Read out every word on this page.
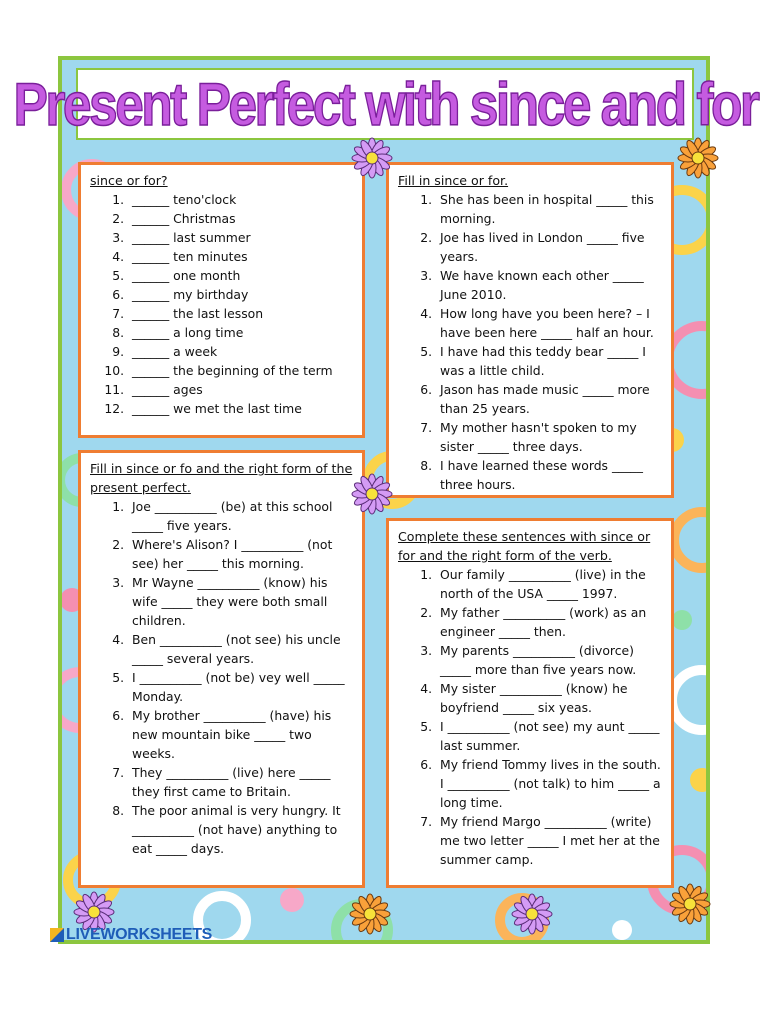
Present Perfect with since and for
since or for?
1. ______ teno'clock
2. ______ Christmas
3. ______ last summer
4. ______ ten minutes
5. ______ one month
6. ______ my birthday
7. ______ the last lesson
8. ______ a long time
9. ______ a week
10. ______ the beginning of the term
11. ______ ages
12. ______ we met the last time
Fill in since or for.
1. She has been in hospital _____ this morning.
2. Joe has lived in London _____ five years.
3. We have known each other _____ June 2010.
4. How long have you been here? – I have been here _____ half an hour.
5. I have had this teddy bear _____ I was a little child.
6. Jason has made music _____ more than 25 years.
7. My mother hasn't spoken to my sister _____ three days.
8. I have learned these words _____ three hours.
Fill in since or fo and the right form of the present perfect.
1. Joe __________ (be) at this school _____ five years.
2. Where's Alison? I __________ (not see) her _____ this morning.
3. Mr Wayne __________ (know) his wife _____ they were both small children.
4. Ben __________ (not see) his uncle _____ several years.
5. I __________ (not be) vey well _____ Monday.
6. My brother __________ (have) his new mountain bike _____ two weeks.
7. They __________ (live) here _____ they first came to Britain.
8. The poor animal is very hungry. It __________ (not have) anything to eat _____ days.
Complete these sentences with since or for and the right form of the verb.
1. Our family __________ (live) in the north of the USA _____ 1997.
2. My father __________ (work) as an engineer _____ then.
3. My parents __________ (divorce) _____ more than five years now.
4. My sister __________ (know) he boyfriend _____ six yeas.
5. I __________ (not see) my aunt _____ last summer.
6. My friend Tommy lives in the south. I __________ (not talk) to him _____ a long time.
7. My friend Margo __________ (write) me two letter _____ I met her at the summer camp.
LIVEWORKSHEETS
